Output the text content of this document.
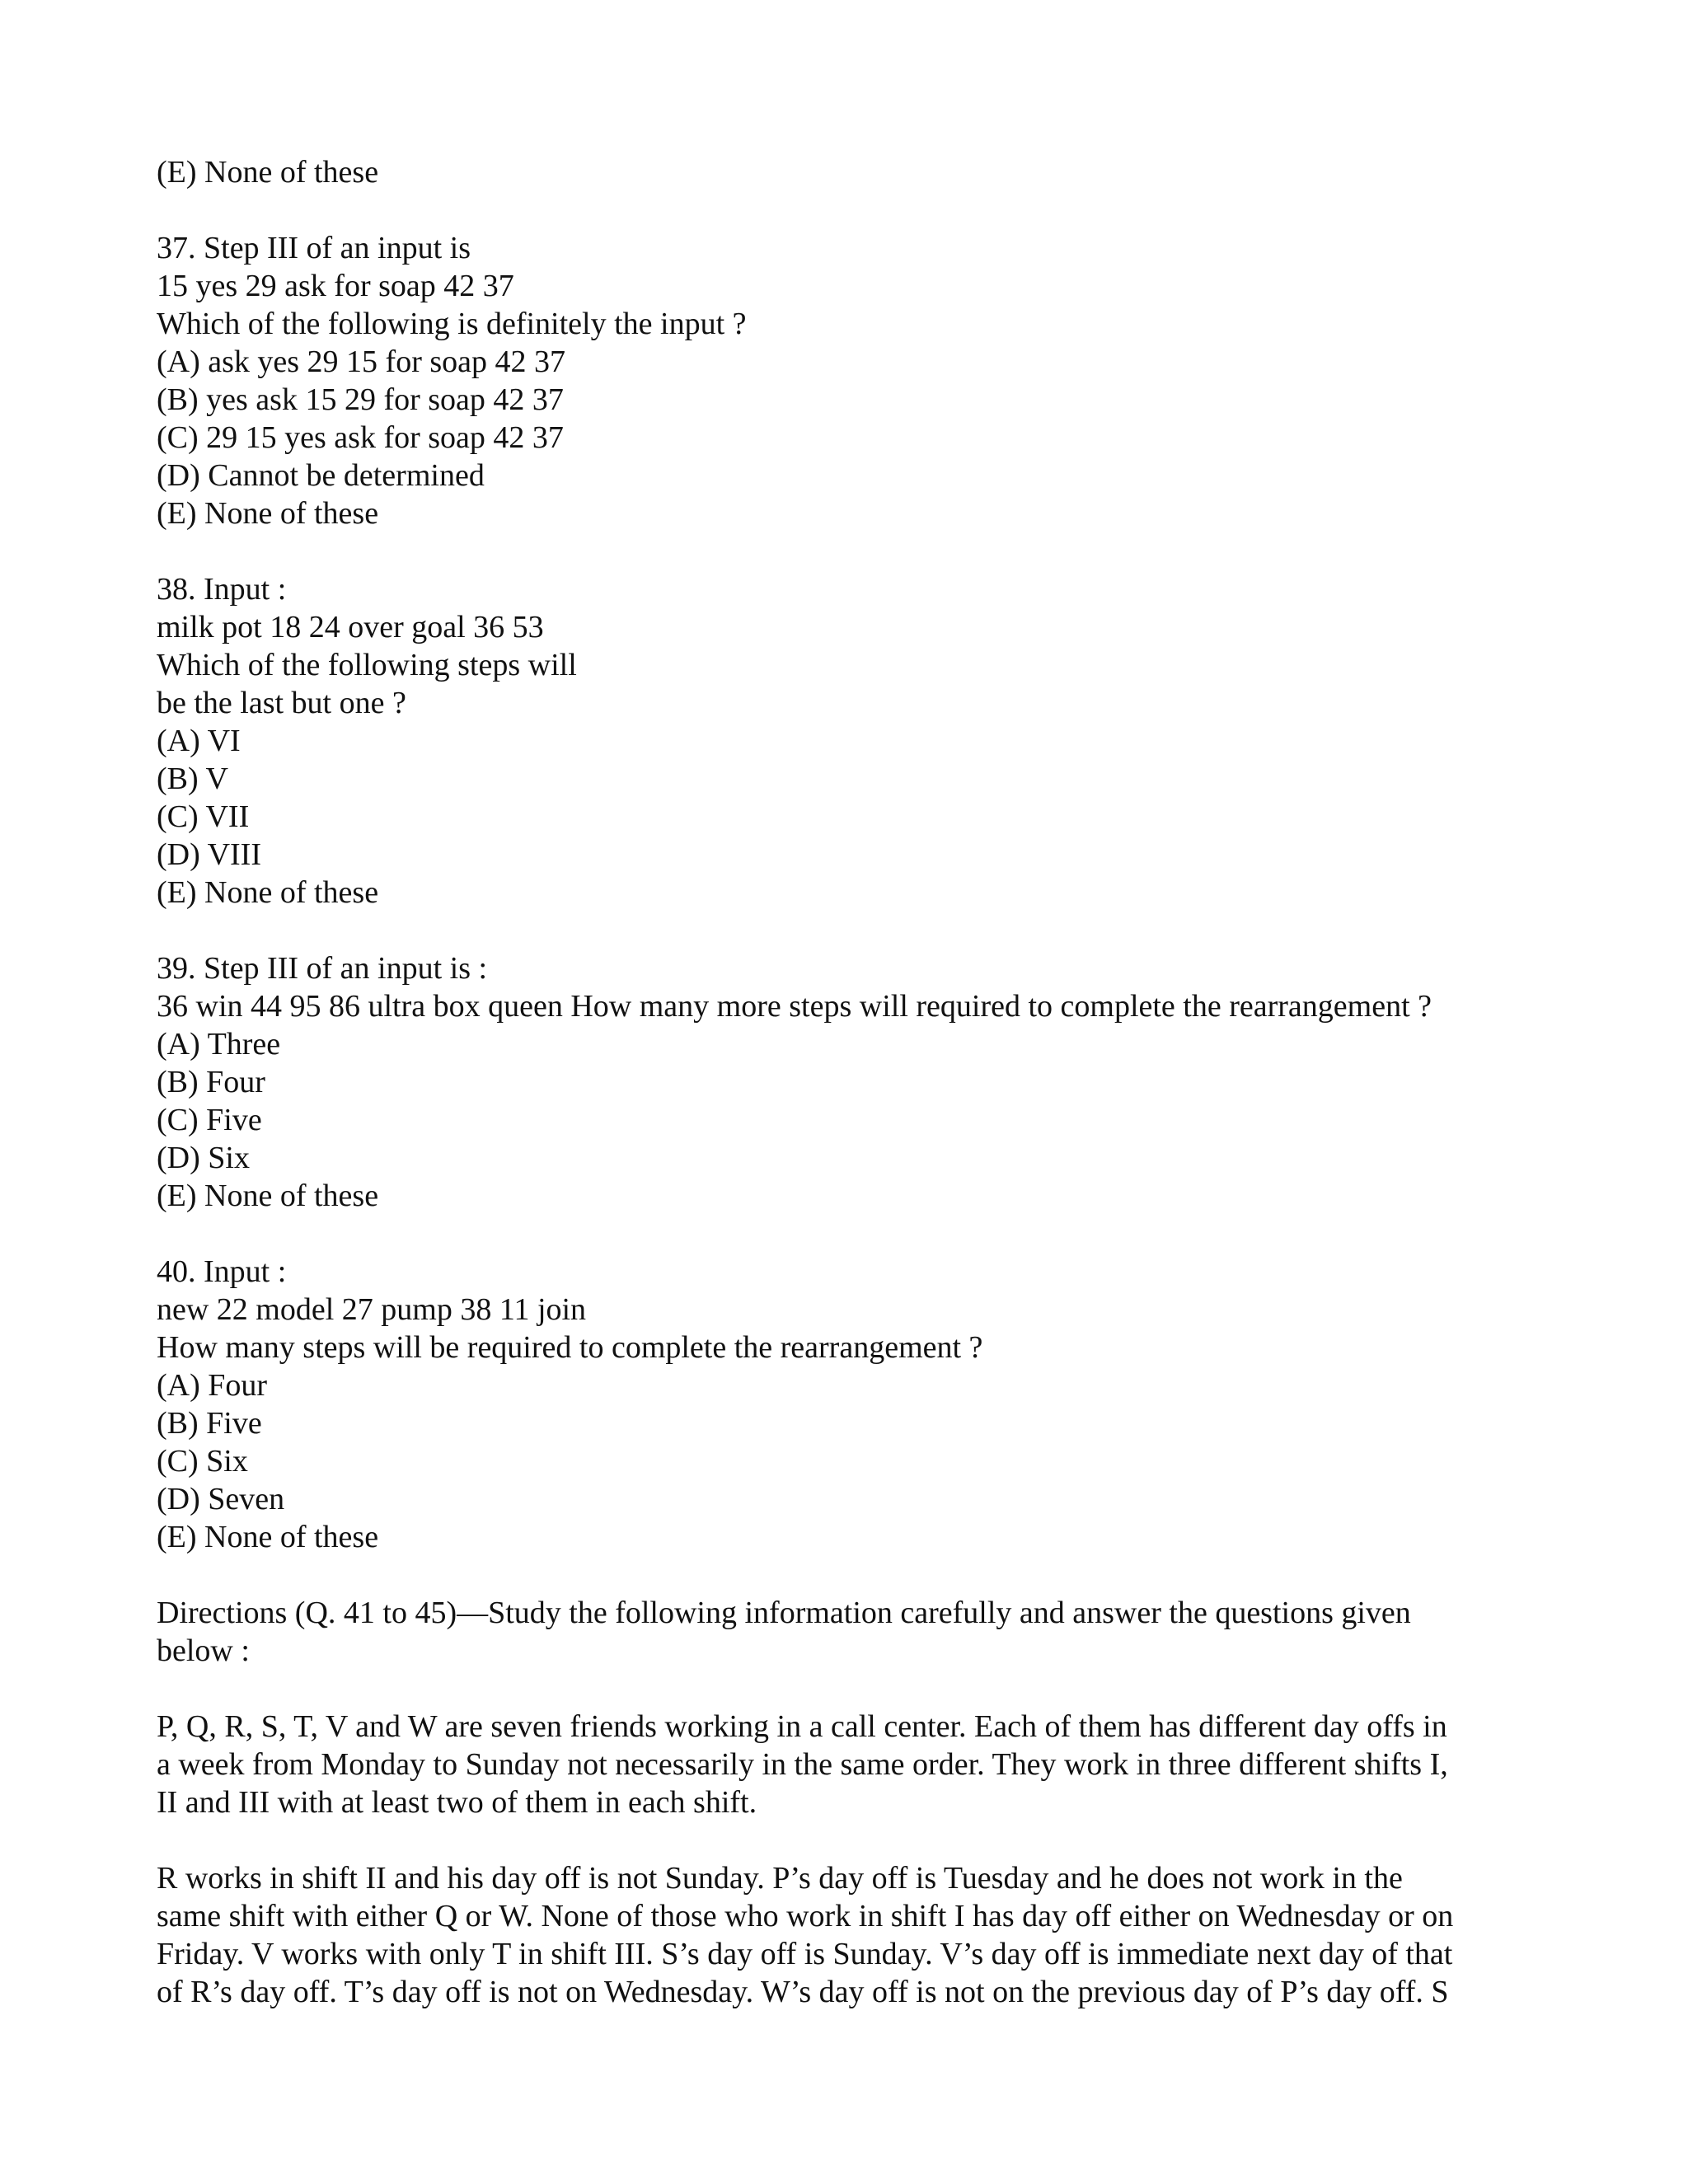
(E) None of these
37. Step III of an input is
15 yes 29 ask for soap 42 37
Which of the following is definitely the input ?
(A) ask yes 29 15 for soap 42 37
(B) yes ask 15 29 for soap 42 37
(C) 29 15 yes ask for soap 42 37
(D) Cannot be determined
(E) None of these
38. Input :
milk pot 18 24 over goal 36 53
Which of the following steps will
be the last but one ?
(A) VI
(B) V
(C) VII
(D) VIII
(E) None of these
39. Step III of an input is :
36 win 44 95 86 ultra box queen How many more steps will required to complete the rearrangement ?
(A) Three
(B) Four
(C) Five
(D) Six
(E) None of these
40. Input :
new 22 model 27 pump 38 11 join
How many steps will be required to complete the rearrangement ?
(A) Four
(B) Five
(C) Six
(D) Seven
(E) None of these
Directions (Q. 41 to 45)—Study the following information carefully and answer the questions given
below :
P, Q, R, S, T, V and W are seven friends working in a call center. Each of them has different day offs in
a week from Monday to Sunday not necessarily in the same order. They work in three different shifts I,
II and III with at least two of them in each shift.
R works in shift II and his day off is not Sunday. P’s day off is Tuesday and he does not work in the
same shift with either Q or W. None of those who work in shift I has day off either on Wednesday or on
Friday. V works with only T in shift III. S’s day off is Sunday. V’s day off is immediate next day of that
of R’s day off. T’s day off is not on Wednesday. W’s day off is not on the previous day of P’s day off. S
